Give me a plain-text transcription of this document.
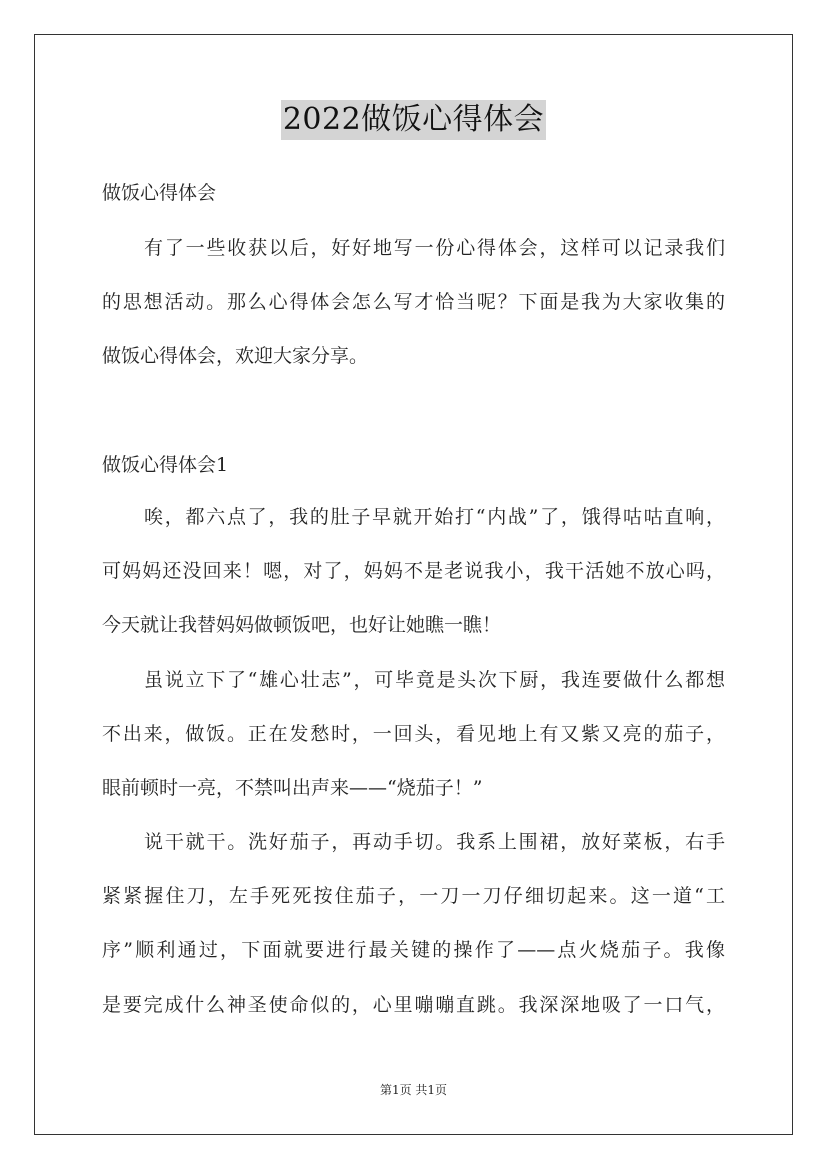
2022做饭心得体会
做饭心得体会
有了一些收获以后，好好地写一份心得体会，这样可以记录我们
的思想活动。那么心得体会怎么写才恰当呢？下面是我为大家收集的
做饭心得体会，欢迎大家分享。
做饭心得体会1
唉，都六点了，我的肚子早就开始打“内战”了，饿得咕咕直响，
可妈妈还没回来！嗯，对了，妈妈不是老说我小，我干活她不放心吗，
今天就让我替妈妈做顿饭吧，也好让她瞧一瞧！
虽说立下了“雄心壮志”，可毕竟是头次下厨，我连要做什么都想
不出来，做饭。正在发愁时，一回头，看见地上有又紫又亮的茄子，
眼前顿时一亮，不禁叫出声来——“烧茄子！”
说干就干。洗好茄子，再动手切。我系上围裙，放好菜板，右手
紧紧握住刀，左手死死按住茄子，一刀一刀仔细切起来。这一道“工
序”顺利通过，下面就要进行最关键的操作了——点火烧茄子。我像
是要完成什么神圣使命似的，心里嘣嘣直跳。我深深地吸了一口气，
第1页 共1页
